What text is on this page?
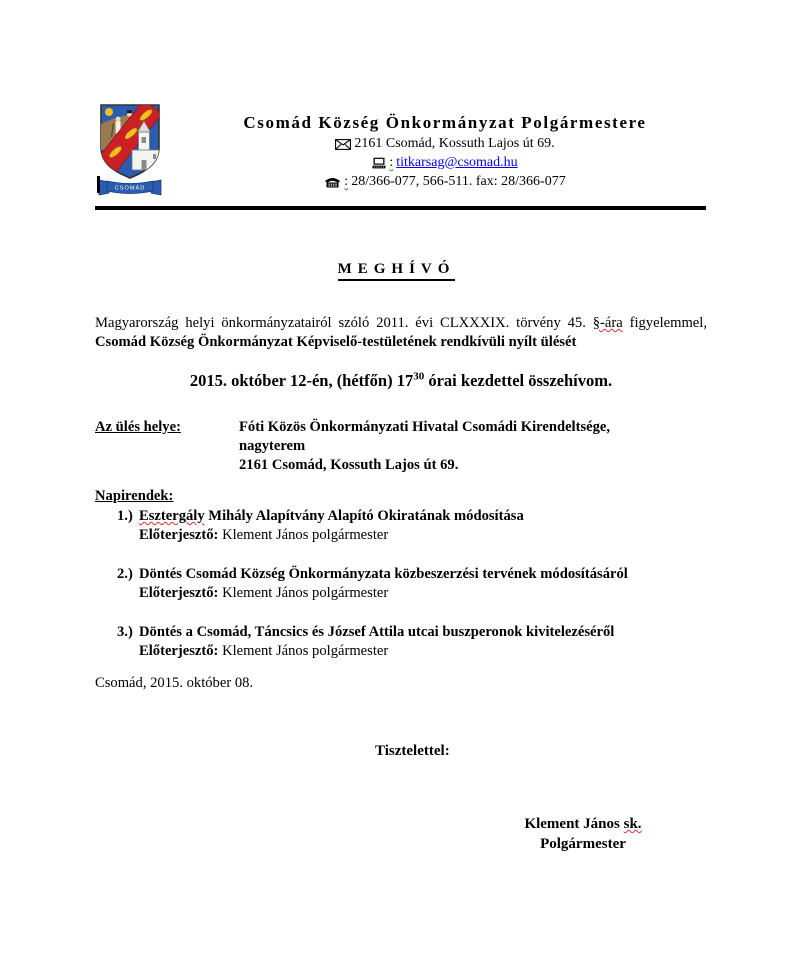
CSOMÁD
Csomád Község Önkormányzat Polgármestere
2161 Csomád, Kossuth Lajos út 69.
: titkarsag@csomad.hu
: 28/366-077, 566-511. fax: 28/366-077
MEGHÍVÓ
Magyarország helyi önkormányzatairól szóló 2011. évi CLXXXIX. törvény 45. §-ára figyelemmel, Csomád Község Önkormányzat Képviselő-testületének rendkívüli nyílt ülését
2015. október 12-én, (hétfőn) $17^{30}$ órai kezdettel összehívom.
Az ülés helye:	Fóti Közös Önkormányzati Hivatal Csomádi Kirendeltsége,
nagyterem
2161 Csomád, Kossuth Lajos út 69.
Napirendek:
1.) Esztergály Mihály Alapítvány Alapító Okiratának módosítása
Előterjesztő: Klement János polgármester
2.) Döntés Csomád Község Önkormányzata közbeszerzési tervének módosításáról
Előterjesztő: Klement János polgármester
3.) Döntés a Csomád, Táncsics és József Attila utcai buszperonok kivitelezéséről
Előterjesztő: Klement János polgármester
Csomád, 2015. október 08.
Tisztelettel:
Klement János sk.
Polgármester
